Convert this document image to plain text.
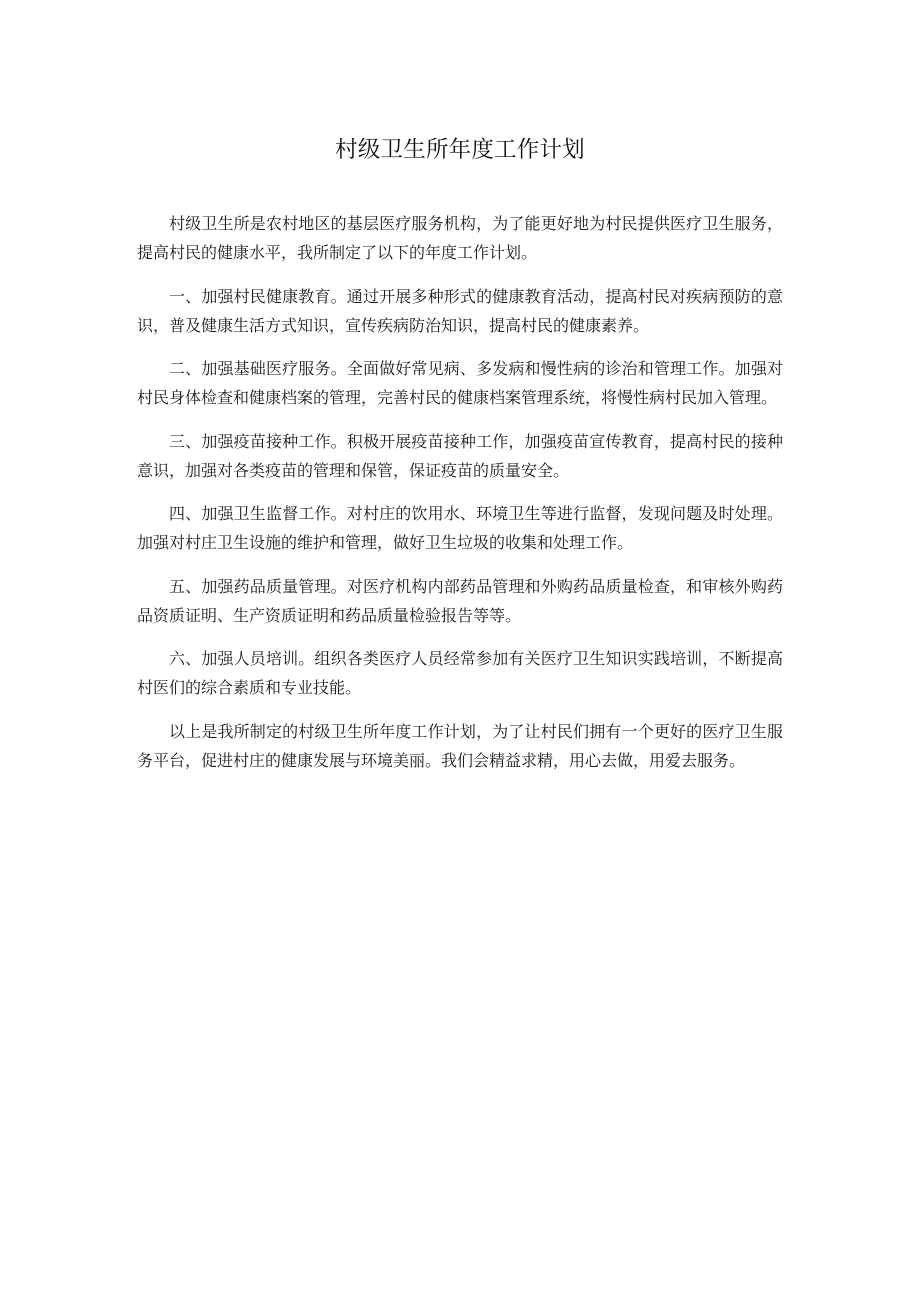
村级卫生所年度工作计划

村级卫生所是农村地区的基层医疗服务机构，为了能更好地为村民提供医疗卫生服务，提高村民的健康水平，我所制定了以下的年度工作计划。

一、加强村民健康教育。通过开展多种形式的健康教育活动，提高村民对疾病预防的意识，普及健康生活方式知识，宣传疾病防治知识，提高村民的健康素养。

二、加强基础医疗服务。全面做好常见病、多发病和慢性病的诊治和管理工作。加强对村民身体检查和健康档案的管理，完善村民的健康档案管理系统，将慢性病村民加入管理。

三、加强疫苗接种工作。积极开展疫苗接种工作，加强疫苗宣传教育，提高村民的接种意识，加强对各类疫苗的管理和保管，保证疫苗的质量安全。

四、加强卫生监督工作。对村庄的饮用水、环境卫生等进行监督，发现问题及时处理。加强对村庄卫生设施的维护和管理，做好卫生垃圾的收集和处理工作。

五、加强药品质量管理。对医疗机构内部药品管理和外购药品质量检查，和审核外购药品资质证明、生产资质证明和药品质量检验报告等等。

六、加强人员培训。组织各类医疗人员经常参加有关医疗卫生知识实践培训，不断提高村医们的综合素质和专业技能。

以上是我所制定的村级卫生所年度工作计划，为了让村民们拥有一个更好的医疗卫生服务平台，促进村庄的健康发展与环境美丽。我们会精益求精，用心去做，用爱去服务。
